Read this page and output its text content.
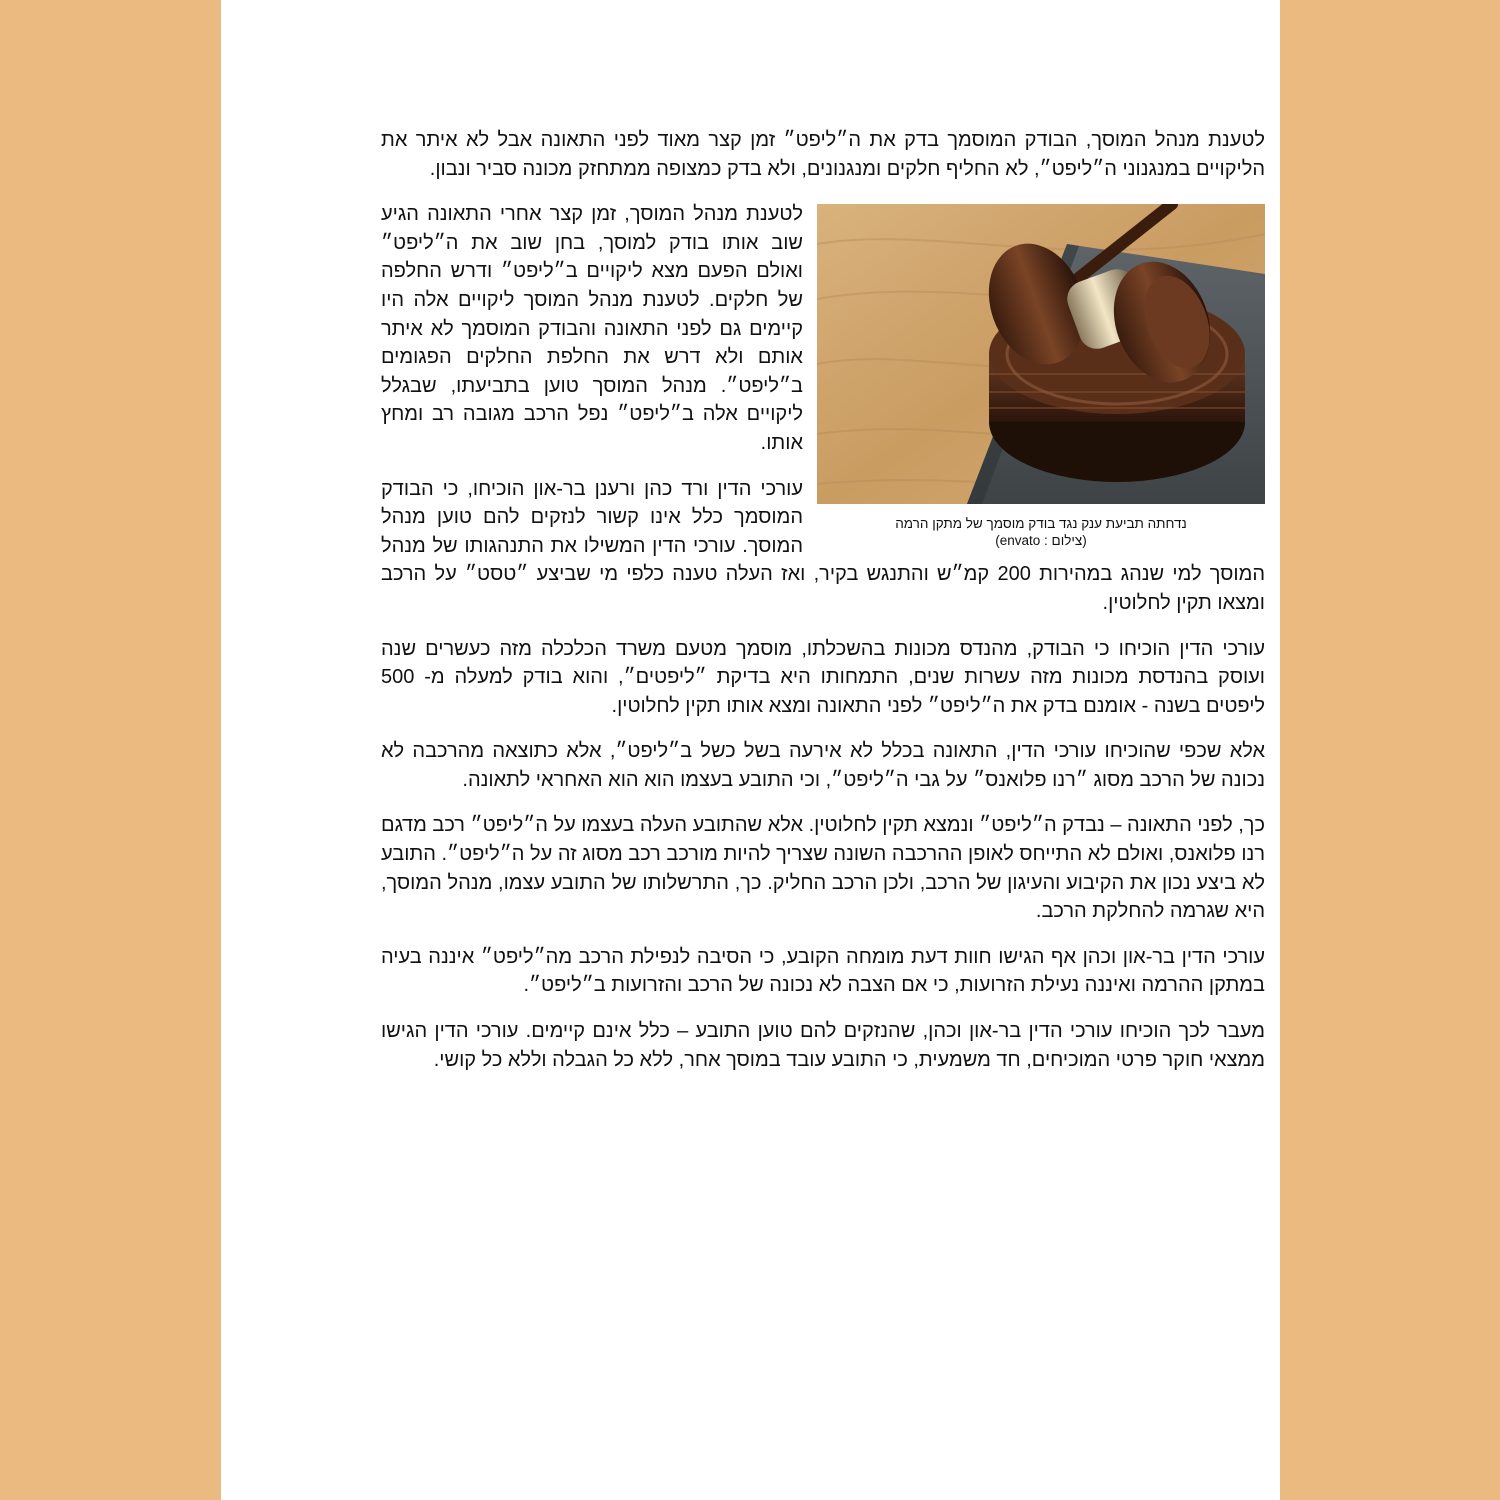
לטענת מנהל המוסך, הבודק המוסמך בדק את ה״ליפט״ זמן קצר מאוד לפני התאונה אבל לא איתר את הליקויים במנגנוני ה״ליפט״, לא החליף חלקים ומנגנונים, ולא בדק כמצופה ממתחזק מכונה סביר ונבון.

נדחתה תביעת ענק נגד בודק מוסמך של מתקן הרמה
(צילום : envato)

לטענת מנהל המוסך, זמן קצר אחרי התאונה הגיע שוב אותו בודק למוסך, בחן שוב את ה״ליפט״ ואולם הפעם מצא ליקויים ב״ליפט״ ודרש החלפה של חלקים. לטענת מנהל המוסך ליקויים אלה היו קיימים גם לפני התאונה והבודק המוסמך לא איתר אותם ולא דרש את החלפת החלקים הפגומים ב״ליפט״. מנהל המוסך טוען בתביעתו, שבגלל ליקויים אלה ב״ליפט״ נפל הרכב מגובה רב ומחץ אותו.

עורכי הדין ורד כהן ורענן בר-און הוכיחו, כי הבודק המוסמך כלל אינו קשור לנזקים להם טוען מנהל המוסך. עורכי הדין המשילו את התנהגותו של מנהל המוסך למי שנהג במהירות 200 קמ״ש והתנגש בקיר, ואז העלה טענה כלפי מי שביצע ״טסט״ על הרכב ומצאו תקין לחלוטין.

עורכי הדין הוכיחו כי הבודק, מהנדס מכונות בהשכלתו, מוסמך מטעם משרד הכלכלה מזה כעשרים שנה ועוסק בהנדסת מכונות מזה עשרות שנים, התמחותו היא בדיקת ״ליפטים״, והוא בודק למעלה מ- 500 ליפטים בשנה - אומנם בדק את ה״ליפט״ לפני התאונה ומצא אותו תקין לחלוטין.

אלא שכפי שהוכיחו עורכי הדין, התאונה בכלל לא אירעה בשל כשל ב״ליפט״, אלא כתוצאה מהרכבה לא נכונה של הרכב מסוג ״רנו פלואנס״ על גבי ה״ליפט״, וכי התובע בעצמו הוא הוא האחראי לתאונה.

כך, לפני התאונה – נבדק ה״ליפט״ ונמצא תקין לחלוטין. אלא שהתובע העלה בעצמו על ה״ליפט״ רכב מדגם רנו פלואנס, ואולם לא התייחס לאופן ההרכבה השונה שצריך להיות מורכב רכב מסוג זה על ה״ליפט״. התובע לא ביצע נכון את הקיבוע והעיגון של הרכב, ולכן הרכב החליק. כך, התרשלותו של התובע עצמו, מנהל המוסך, היא שגרמה להחלקת הרכב.

עורכי הדין בר-און וכהן אף הגישו חוות דעת מומחה הקובע, כי הסיבה לנפילת הרכב מה״ליפט״ איננה בעיה במתקן ההרמה ואיננה נעילת הזרועות, כי אם הצבה לא נכונה של הרכב והזרועות ב״ליפט״.

מעבר לכך הוכיחו עורכי הדין בר-און וכהן, שהנזקים להם טוען התובע – כלל אינם קיימים. עורכי הדין הגישו ממצאי חוקר פרטי המוכיחים, חד משמעית, כי התובע עובד במוסך אחר, ללא כל הגבלה וללא כל קושי.
